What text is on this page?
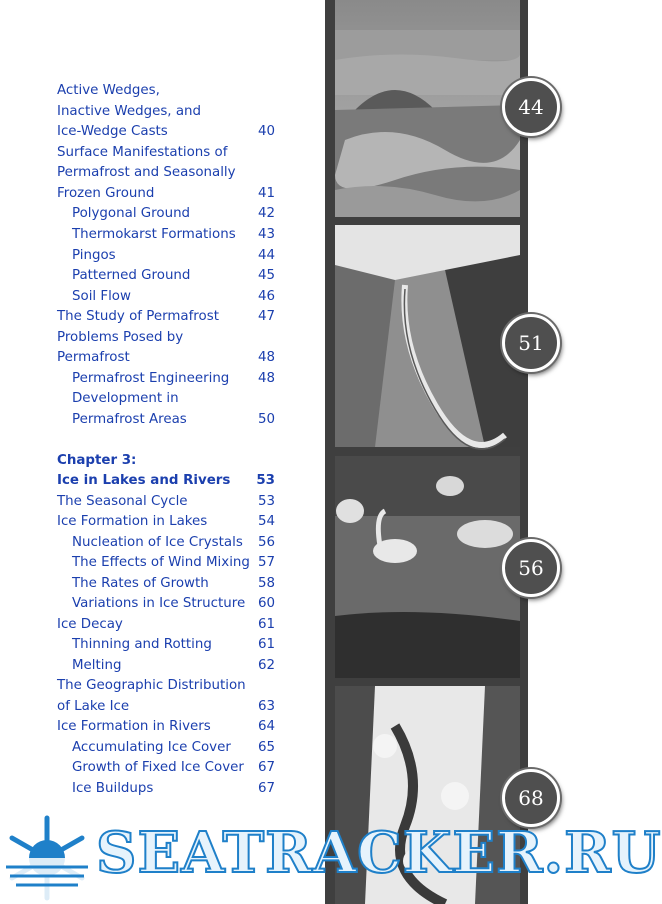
Active Wedges,
Inactive Wedges, and
Ice-Wedge Casts	40
Surface Manifestations of
Permafrost and Seasonally
Frozen Ground	41
Polygonal Ground	42
Thermokarst Formations 43
Pingos	44
Patterned Ground	45
Soil Flow	46
The Study of Permafrost	47
Problems Posed by
Permafrost	48
Permafrost Engineering 48
Development in
Permafrost Areas	50
Chapter 3:
Ice in Lakes and Rivers 53
The Seasonal Cycle	53
Ice Formation in Lakes	54
Nucleation of Ice Crystals 56
The Effects of Wind Mixing 57
The Rates of Growth	58
Variations in Ice Structure 60
Ice Decay	61
Thinning and Rotting	61
Melting	62
The Geographic Distribution
of Lake Ice	63
Ice Formation in Rivers	64
Accumulating Ice Cover 65
Growth of Fixed Ice Cover 67
Ice Buildups	67
44
51
56
68
SEATRACKER.RU
